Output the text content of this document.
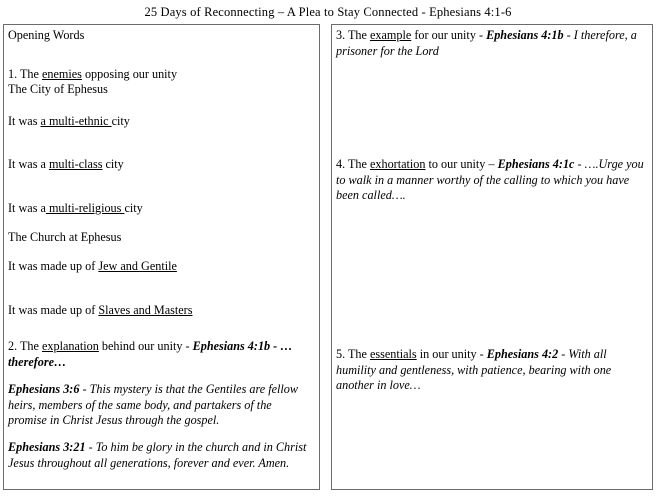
25 Days of Reconnecting – A Plea to Stay Connected - Ephesians 4:1-6
Opening Words
1. The enemies opposing our unity
The City of Ephesus
It was a multi-ethnic city
It was a multi-class city
It was a multi-religious city
The Church at Ephesus
It was made up of Jew and Gentile
It was made up of Slaves and Masters
2. The explanation behind our unity - Ephesians 4:1b - …therefore…
Ephesians 3:6 - This mystery is that the Gentiles are fellow heirs, members of the same body, and partakers of the promise in Christ Jesus through the gospel.
Ephesians 3:21 - To him be glory in the church and in Christ Jesus throughout all generations, forever and ever. Amen.
3. The example for our unity - Ephesians 4:1b - I therefore, a prisoner for the Lord
4. The exhortation to our unity – Ephesians 4:1c - ….Urge you to walk in a manner worthy of the calling to which you have been called….
5. The essentials in our unity - Ephesians 4:2 - With all humility and gentleness, with patience, bearing with one another in love…
